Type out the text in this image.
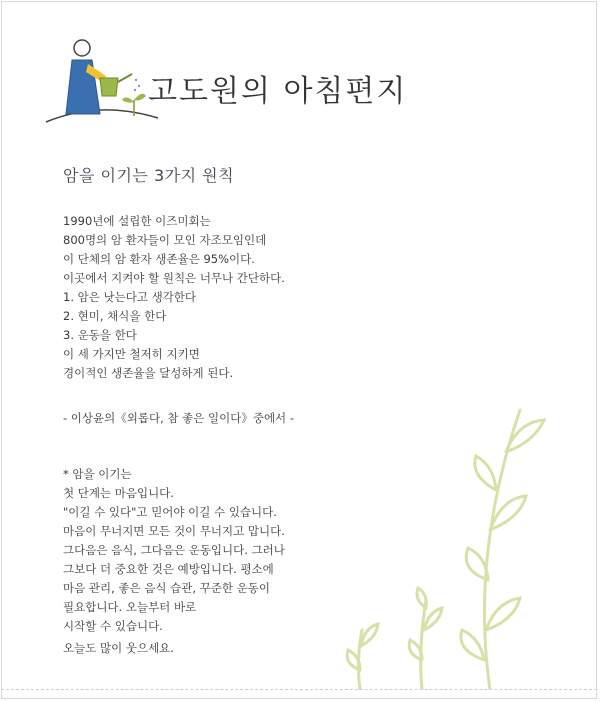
고도원의 아침편지
암을 이기는 3가지 원칙
1990년에 설립한 이즈미회는
800명의 암 환자들이 모인 자조모임인데
이 단체의 암 환자 생존율은 95%이다.
이곳에서 지켜야 할 원칙은 너무나 간단하다.
1. 암은 낫는다고 생각한다
2. 현미, 채식을 한다
3. 운동을 한다
이 세 가지만 철저히 지키면
경이적인 생존율을 달성하게 된다.
- 이상윤의《외롭다, 참 좋은 일이다》중에서 -
* 암을 이기는
첫 단계는 마음입니다.
"이길 수 있다"고 믿어야 이길 수 있습니다.
마음이 무너지면 모든 것이 무너지고 맙니다.
그다음은 음식, 그다음은 운동입니다. 그러나
그보다 더 중요한 것은 예방입니다. 평소에
마음 관리, 좋은 음식 습관, 꾸준한 운동이
필요합니다. 오늘부터 바로
시작할 수 있습니다.
오늘도 많이 웃으세요.
